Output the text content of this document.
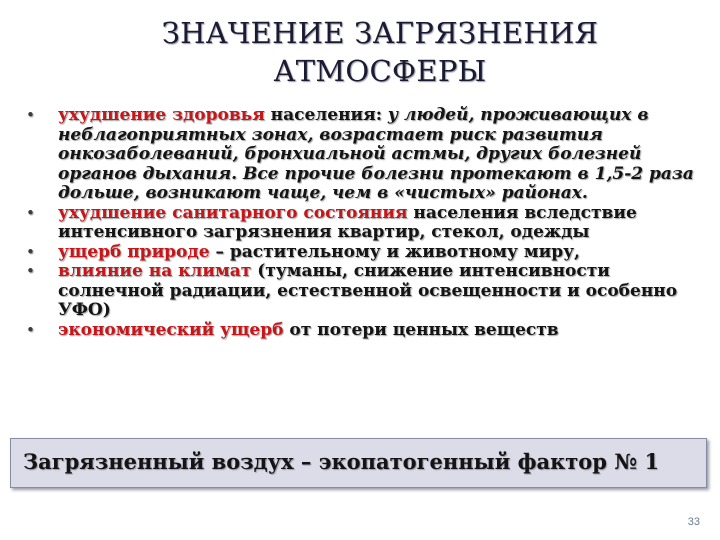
ЗНАЧЕНИЕ ЗАГРЯЗНЕНИЯ
АТМОСФЕРЫ
• ухудшение здоровья населения: у людей, проживающих в неблагоприятных зонах, возрастает риск развития онкозаболеваний, бронхиальной астмы, других болезней органов дыхания. Все прочие болезни протекают в 1,5-2 раза дольше, возникают чаще, чем в «чистых» районах.
• ухудшение санитарного состояния населения вследствие интенсивного загрязнения квартир, стекол, одежды
• ущерб природе – растительному и животному миру,
• влияние на климат (туманы, снижение интенсивности солнечной радиации, естественной освещенности и особенно УФО)
• экономический ущерб от потери ценных веществ
Загрязненный воздух – экопатогенный фактор № 1
33
